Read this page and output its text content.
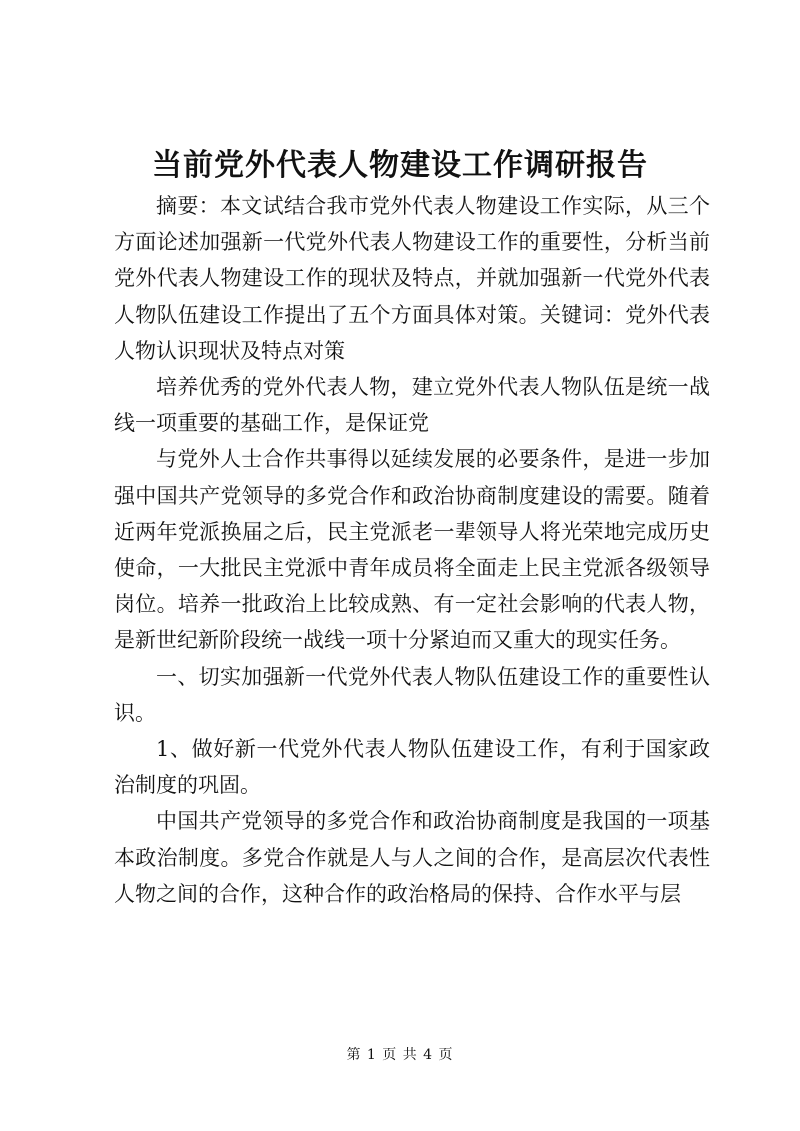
当前党外代表人物建设工作调研报告

摘要：本文试结合我市党外代表人物建设工作实际，从三个方面论述加强新一代党外代表人物建设工作的重要性，分析当前党外代表人物建设工作的现状及特点，并就加强新一代党外代表人物队伍建设工作提出了五个方面具体对策。关键词：党外代表人物认识现状及特点对策

培养优秀的党外代表人物，建立党外代表人物队伍是统一战线一项重要的基础工作，是保证党

与党外人士合作共事得以延续发展的必要条件，是进一步加强中国共产党领导的多党合作和政治协商制度建设的需要。随着近两年党派换届之后，民主党派老一辈领导人将光荣地完成历史使命，一大批民主党派中青年成员将全面走上民主党派各级领导岗位。培养一批政治上比较成熟、有一定社会影响的代表人物，是新世纪新阶段统一战线一项十分紧迫而又重大的现实任务。

一、切实加强新一代党外代表人物队伍建设工作的重要性认识。

1、做好新一代党外代表人物队伍建设工作，有利于国家政治制度的巩固。

中国共产党领导的多党合作和政治协商制度是我国的一项基本政治制度。多党合作就是人与人之间的合作，是高层次代表性人物之间的合作，这种合作的政治格局的保持、合作水平与层

第 1 页 共 4 页
